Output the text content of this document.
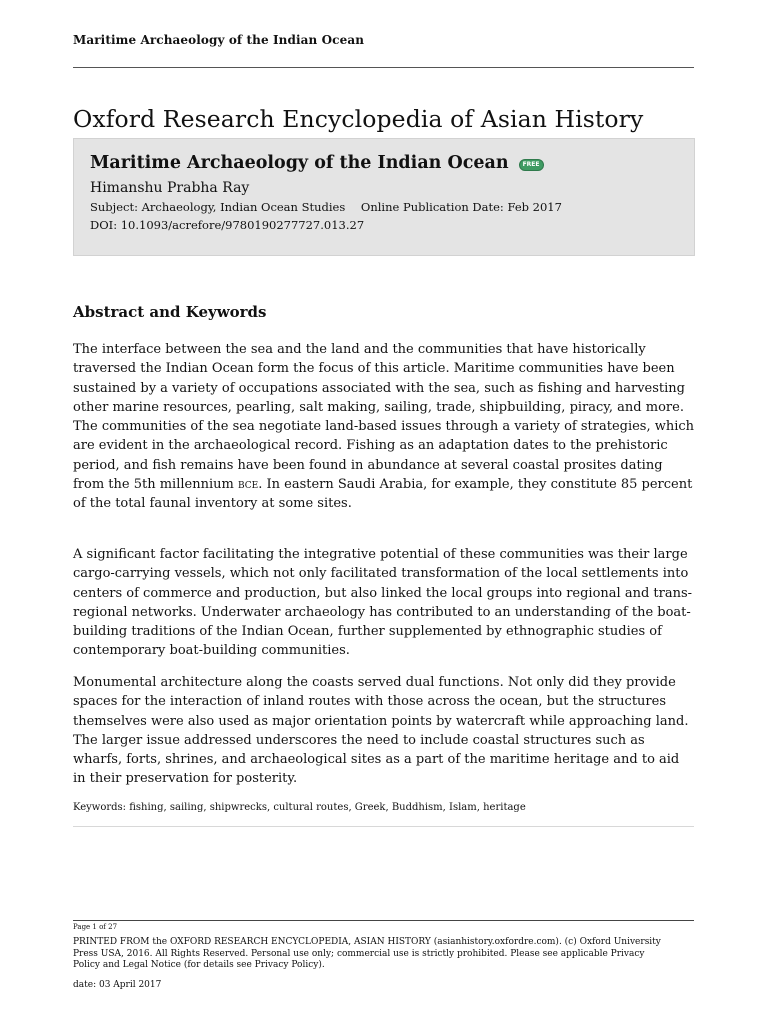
Maritime Archaeology of the Indian Ocean
Oxford Research Encyclopedia of Asian History
Maritime Archaeology of the Indian Ocean FREE
Himanshu Prabha Ray
Subject: Archaeology, Indian Ocean Studies Online Publication Date: Feb 2017
DOI: 10.1093/acrefore/9780190277727.013.27
Abstract and Keywords

The interface between the sea and the land and the communities that have historically traversed the Indian Ocean form the focus of this article. Maritime communities have been sustained by a variety of occupations associated with the sea, such as fishing and harvesting other marine resources, pearling, salt making, sailing, trade, shipbuilding, piracy, and more. The communities of the sea negotiate land-based issues through a variety of strategies, which are evident in the archaeological record. Fishing as an adaptation dates to the prehistoric period, and fish remains have been found in abundance at several coastal prosites dating from the 5th millennium bce. In eastern Saudi Arabia, for example, they constitute 85 percent of the total faunal inventory at some sites.

A significant factor facilitating the integrative potential of these communities was their large cargo-carrying vessels, which not only facilitated transformation of the local settlements into centers of commerce and production, but also linked the local groups into regional and trans-regional networks. Underwater archaeology has contributed to an understanding of the boat-building traditions of the Indian Ocean, further supplemented by ethnographic studies of contemporary boat-building communities.

Monumental architecture along the coasts served dual functions. Not only did they provide spaces for the interaction of inland routes with those across the ocean, but the structures themselves were also used as major orientation points by watercraft while approaching land. The larger issue addressed underscores the need to include coastal structures such as wharfs, forts, shrines, and archaeological sites as a part of the maritime heritage and to aid in their preservation for posterity.

Keywords: fishing, sailing, shipwrecks, cultural routes, Greek, Buddhism, Islam, heritage
Page 1 of 27

PRINTED FROM the OXFORD RESEARCH ENCYCLOPEDIA, ASIAN HISTORY (asianhistory.oxfordre.com). (c) Oxford University Press USA, 2016. All Rights Reserved. Personal use only; commercial use is strictly prohibited. Please see applicable Privacy Policy and Legal Notice (for details see Privacy Policy).

date: 03 April 2017
